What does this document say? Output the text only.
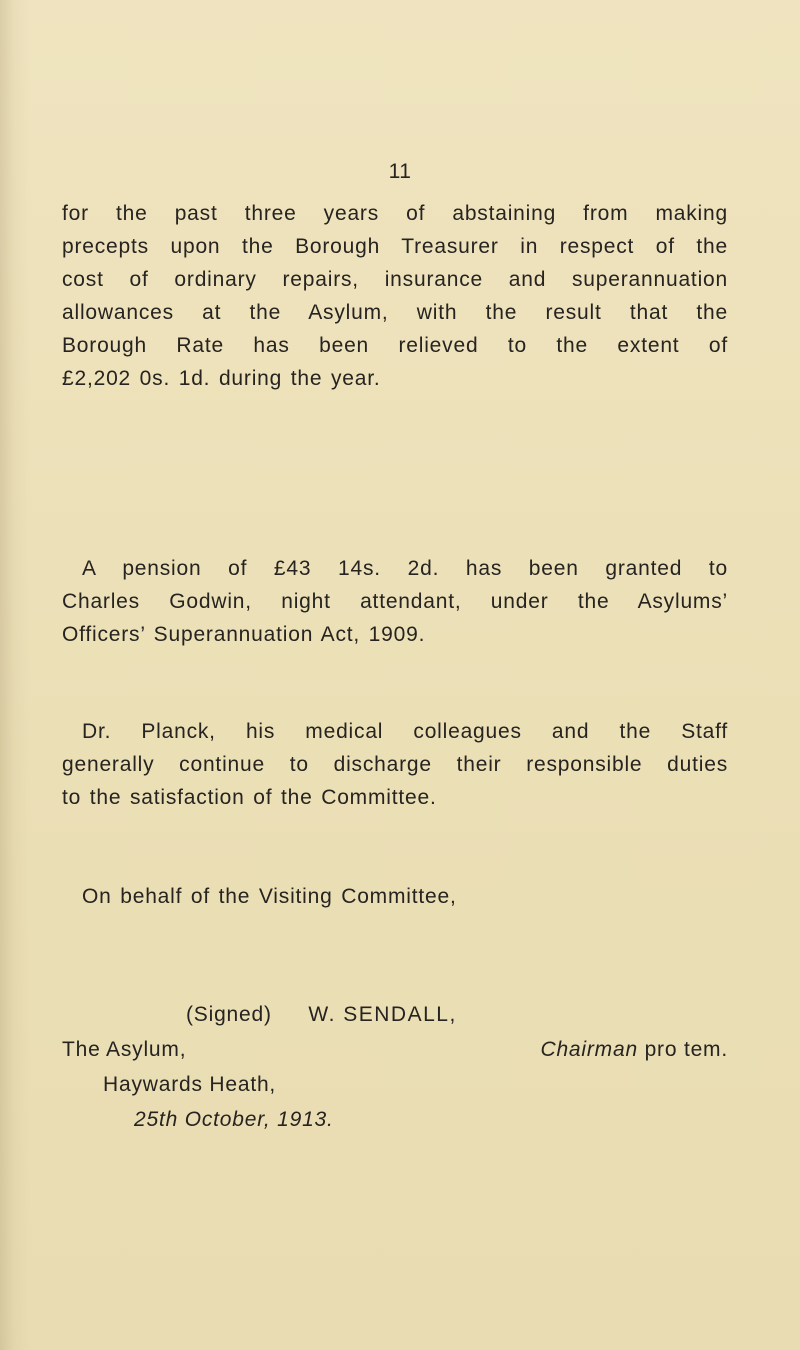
11

for the past three years of abstaining from making
precepts upon the Borough Treasurer in respect of the
cost of ordinary repairs, insurance and superannuation
allowances at the Asylum, with the result that the
Borough Rate has been relieved to the extent of
£2,202 0s. 1d. during the year.

A pension of £43 14s. 2d. has been granted to
Charles Godwin, night attendant, under the Asylums’
Officers’ Superannuation Act, 1909.

Dr. Planck, his medical colleagues and the Staff
generally continue to discharge their responsible duties
to the satisfaction of the Committee.

On behalf of the Visiting Committee,

(Signed) W. SENDALL,
The Asylum,	Chairman pro tem.
Haywards Heath,
25th October, 1913.
